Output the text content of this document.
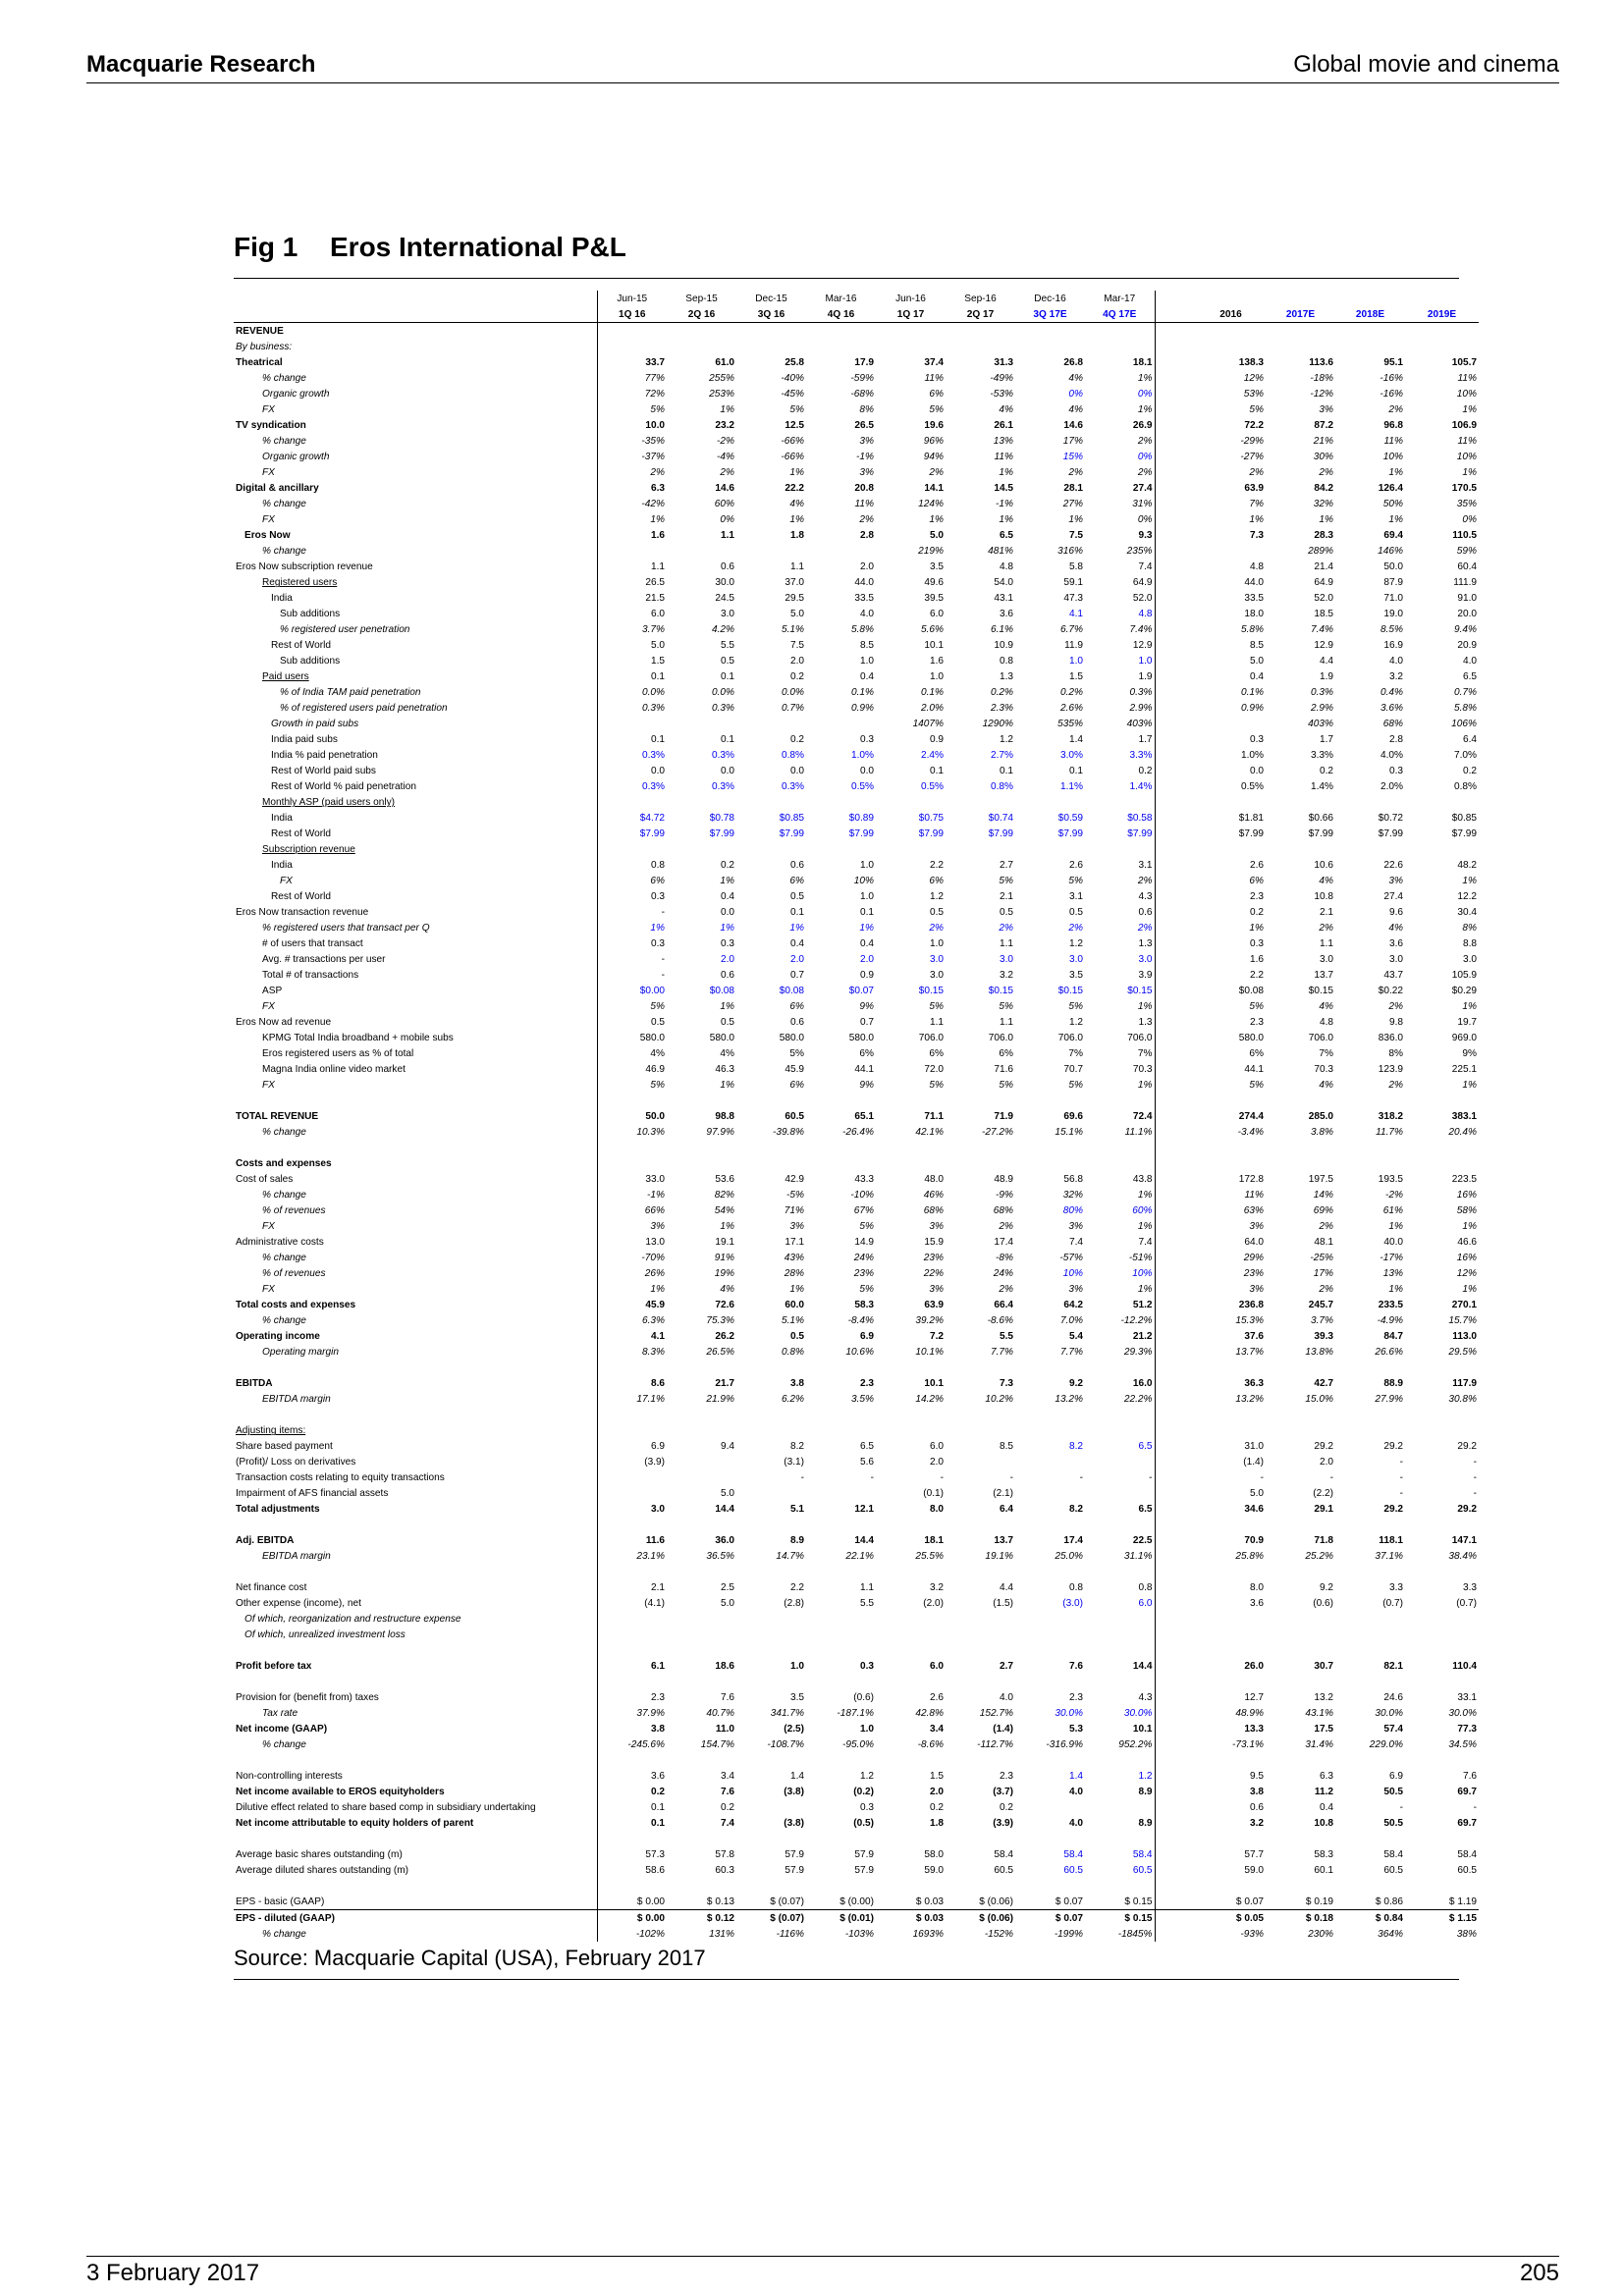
Macquarie Research	Global movie and cinema
Fig 1 Eros International P&L
		Jun-15	Sep-15	Dec-15	Mar-16	Jun-16	Sep-16	Dec-16	Mar-17					
		1Q 16	2Q 16	3Q 16	4Q 16	1Q 17	2Q 17	3Q 17E	4Q 17E		2016	2017E	2018E	2019E
REVENUE														
By business:														
Theatrical		33.7	61.0	25.8	17.9	37.4	31.3	26.8	18.1		138.3	113.6	95.1	105.7
% change		77%	255%	-40%	-59%	11%	-49%	4%	1%		12%	-18%	-16%	11%
Organic growth		72%	253%	-45%	-68%	6%	-53%	0%	0%		53%	-12%	-16%	10%
FX		5%	1%	5%	8%	5%	4%	4%	1%		5%	3%	2%	1%
TV syndication		10.0	23.2	12.5	26.5	19.6	26.1	14.6	26.9		72.2	87.2	96.8	106.9
% change		-35%	-2%	-66%	3%	96%	13%	17%	2%		-29%	21%	11%	11%
Organic growth		-37%	-4%	-66%	-1%	94%	11%	15%	0%		-27%	30%	10%	10%
FX		2%	2%	1%	3%	2%	1%	2%	2%		2%	2%	1%	1%
Digital & ancillary		6.3	14.6	22.2	20.8	14.1	14.5	28.1	27.4		63.9	84.2	126.4	170.5
% change		-42%	60%	4%	11%	124%	-1%	27%	31%		7%	32%	50%	35%
FX		1%	0%	1%	2%	1%	1%	1%	0%		1%	1%	1%	0%
Eros Now		1.6	1.1	1.8	2.8	5.0	6.5	7.5	9.3		7.3	28.3	69.4	110.5
% change						219%	481%	316%	235%			289%	146%	59%
Eros Now subscription revenue		1.1	0.6	1.1	2.0	3.5	4.8	5.8	7.4		4.8	21.4	50.0	60.4
Registered users		26.5	30.0	37.0	44.0	49.6	54.0	59.1	64.9		44.0	64.9	87.9	111.9
India		21.5	24.5	29.5	33.5	39.5	43.1	47.3	52.0		33.5	52.0	71.0	91.0
Sub additions		6.0	3.0	5.0	4.0	6.0	3.6	4.1	4.8		18.0	18.5	19.0	20.0
% registered user penetration		3.7%	4.2%	5.1%	5.8%	5.6%	6.1%	6.7%	7.4%		5.8%	7.4%	8.5%	9.4%
Rest of World		5.0	5.5	7.5	8.5	10.1	10.9	11.9	12.9		8.5	12.9	16.9	20.9
Sub additions		1.5	0.5	2.0	1.0	1.6	0.8	1.0	1.0		5.0	4.4	4.0	4.0
Paid users		0.1	0.1	0.2	0.4	1.0	1.3	1.5	1.9		0.4	1.9	3.2	6.5
% of India TAM paid penetration		0.0%	0.0%	0.0%	0.1%	0.1%	0.2%	0.2%	0.3%		0.1%	0.3%	0.4%	0.7%
% of registered users paid penetration		0.3%	0.3%	0.7%	0.9%	2.0%	2.3%	2.6%	2.9%		0.9%	2.9%	3.6%	5.8%
Growth in paid subs						1407%	1290%	535%	403%			403%	68%	106%
India paid subs		0.1	0.1	0.2	0.3	0.9	1.2	1.4	1.7		0.3	1.7	2.8	6.4
India % paid penetration		0.3%	0.3%	0.8%	1.0%	2.4%	2.7%	3.0%	3.3%		1.0%	3.3%	4.0%	7.0%
Rest of World paid subs		0.0	0.0	0.0	0.0	0.1	0.1	0.1	0.2		0.0	0.2	0.3	0.2
Rest of World % paid penetration		0.3%	0.3%	0.3%	0.5%	0.5%	0.8%	1.1%	1.4%		0.5%	1.4%	2.0%	0.8%
Monthly ASP (paid users only)														
India		$4.72	$0.78	$0.85	$0.89	$0.75	$0.74	$0.59	$0.58		$1.81	$0.66	$0.72	$0.85
Rest of World		$7.99	$7.99	$7.99	$7.99	$7.99	$7.99	$7.99	$7.99		$7.99	$7.99	$7.99	$7.99
Subscription revenue														
India		0.8	0.2	0.6	1.0	2.2	2.7	2.6	3.1		2.6	10.6	22.6	48.2
FX		6%	1%	6%	10%	6%	5%	5%	2%		6%	4%	3%	1%
Rest of World		0.3	0.4	0.5	1.0	1.2	2.1	3.1	4.3		2.3	10.8	27.4	12.2
Eros Now transaction revenue		-	0.0	0.1	0.1	0.5	0.5	0.5	0.6		0.2	2.1	9.6	30.4
% registered users that transact per Q		1%	1%	1%	1%	2%	2%	2%	2%		1%	2%	4%	8%
# of users that transact		0.3	0.3	0.4	0.4	1.0	1.1	1.2	1.3		0.3	1.1	3.6	8.8
Avg. # transactions per user		-	2.0	2.0	2.0	3.0	3.0	3.0	3.0		1.6	3.0	3.0	3.0
Total # of transactions		-	0.6	0.7	0.9	3.0	3.2	3.5	3.9		2.2	13.7	43.7	105.9
ASP		$0.00	$0.08	$0.08	$0.07	$0.15	$0.15	$0.15	$0.15		$0.08	$0.15	$0.22	$0.29
FX		5%	1%	6%	9%	5%	5%	5%	1%		5%	4%	2%	1%
Eros Now ad revenue		0.5	0.5	0.6	0.7	1.1	1.1	1.2	1.3		2.3	4.8	9.8	19.7
KPMG Total India broadband + mobile subs		580.0	580.0	580.0	580.0	706.0	706.0	706.0	706.0		580.0	706.0	836.0	969.0
Eros registered users as % of total		4%	4%	5%	6%	6%	6%	7%	7%		6%	7%	8%	9%
Magna India online video market		46.9	46.3	45.9	44.1	72.0	71.6	70.7	70.3		44.1	70.3	123.9	225.1
FX		5%	1%	6%	9%	5%	5%	5%	1%		5%	4%	2%	1%

TOTAL REVENUE		50.0	98.8	60.5	65.1	71.1	71.9	69.6	72.4		274.4	285.0	318.2	383.1
% change		10.3%	97.9%	-39.8%	-26.4%	42.1%	-27.2%	15.1%	11.1%		-3.4%	3.8%	11.7%	20.4%

Costs and expenses														
Cost of sales		33.0	53.6	42.9	43.3	48.0	48.9	56.8	43.8		172.8	197.5	193.5	223.5
% change		-1%	82%	-5%	-10%	46%	-9%	32%	1%		11%	14%	-2%	16%
% of revenues		66%	54%	71%	67%	68%	68%	80%	60%		63%	69%	61%	58%
FX		3%	1%	3%	5%	3%	2%	3%	1%		3%	2%	1%	1%
Administrative costs		13.0	19.1	17.1	14.9	15.9	17.4	7.4	7.4		64.0	48.1	40.0	46.6
% change		-70%	91%	43%	24%	23%	-8%	-57%	-51%		29%	-25%	-17%	16%
% of revenues		26%	19%	28%	23%	22%	24%	10%	10%		23%	17%	13%	12%
FX		1%	4%	1%	5%	3%	2%	3%	1%		3%	2%	1%	1%
Total costs and expenses		45.9	72.6	60.0	58.3	63.9	66.4	64.2	51.2		236.8	245.7	233.5	270.1
% change		6.3%	75.3%	5.1%	-8.4%	39.2%	-8.6%	7.0%	-12.2%		15.3%	3.7%	-4.9%	15.7%
Operating income		4.1	26.2	0.5	6.9	7.2	5.5	5.4	21.2		37.6	39.3	84.7	113.0
Operating margin		8.3%	26.5%	0.8%	10.6%	10.1%	7.7%	7.7%	29.3%		13.7%	13.8%	26.6%	29.5%

EBITDA		8.6	21.7	3.8	2.3	10.1	7.3	9.2	16.0		36.3	42.7	88.9	117.9
EBITDA margin		17.1%	21.9%	6.2%	3.5%	14.2%	10.2%	13.2%	22.2%		13.2%	15.0%	27.9%	30.8%

Adjusting items:														
Share based payment		6.9	9.4	8.2	6.5	6.0	8.5	8.2	6.5		31.0	29.2	29.2	29.2
(Profit)/ Loss on derivatives		(3.9)		(3.1)	5.6	2.0					(1.4)	2.0	-	-
Transaction costs relating to equity transactions				-	-	-	-	-	-		-	-	-	-
Impairment of AFS financial assets			5.0			(0.1)	(2.1)				5.0	(2.2)	-	-
Total adjustments		3.0	14.4	5.1	12.1	8.0	6.4	8.2	6.5		34.6	29.1	29.2	29.2

Adj. EBITDA		11.6	36.0	8.9	14.4	18.1	13.7	17.4	22.5		70.9	71.8	118.1	147.1
EBITDA margin		23.1%	36.5%	14.7%	22.1%	25.5%	19.1%	25.0%	31.1%		25.8%	25.2%	37.1%	38.4%

Net finance cost		2.1	2.5	2.2	1.1	3.2	4.4	0.8	0.8		8.0	9.2	3.3	3.3
Other expense (income), net		(4.1)	5.0	(2.8)	5.5	(2.0)	(1.5)	(3.0)	6.0		3.6	(0.6)	(0.7)	(0.7)
Of which, reorganization and restructure expense														
Of which, unrealized investment loss														

Profit before tax		6.1	18.6	1.0	0.3	6.0	2.7	7.6	14.4		26.0	30.7	82.1	110.4

Provision for (benefit from) taxes		2.3	7.6	3.5	(0.6)	2.6	4.0	2.3	4.3		12.7	13.2	24.6	33.1
Tax rate		37.9%	40.7%	341.7%	-187.1%	42.8%	152.7%	30.0%	30.0%		48.9%	43.1%	30.0%	30.0%
Net income (GAAP)		3.8	11.0	(2.5)	1.0	3.4	(1.4)	5.3	10.1		13.3	17.5	57.4	77.3
% change		-245.6%	154.7%	-108.7%	-95.0%	-8.6%	-112.7%	-316.9%	952.2%		-73.1%	31.4%	229.0%	34.5%

Non-controlling interests		3.6	3.4	1.4	1.2	1.5	2.3	1.4	1.2		9.5	6.3	6.9	7.6
Net income available to EROS equityholders		0.2	7.6	(3.8)	(0.2)	2.0	(3.7)	4.0	8.9		3.8	11.2	50.5	69.7
Dilutive effect related to share based comp in subsidiary undertaking		0.1	0.2		0.3	0.2	0.2				0.6	0.4	-	-
Net income attributable to equity holders of parent		0.1	7.4	(3.8)	(0.5)	1.8	(3.9)	4.0	8.9		3.2	10.8	50.5	69.7

Average basic shares outstanding (m)		57.3	57.8	57.9	57.9	58.0	58.4	58.4	58.4		57.7	58.3	58.4	58.4
Average diluted shares outstanding (m)		58.6	60.3	57.9	57.9	59.0	60.5	60.5	60.5		59.0	60.1	60.5	60.5

EPS - basic (GAAP)		$ 0.00	$ 0.13	$ (0.07)	$ (0.00)	$ 0.03	$ (0.06)	$ 0.07	$ 0.15		$ 0.07	$ 0.19	$ 0.86	$ 1.19
EPS - diluted (GAAP)		$ 0.00	$ 0.12	$ (0.07)	$ (0.01)	$ 0.03	$ (0.06)	$ 0.07	$ 0.15		$ 0.05	$ 0.18	$ 0.84	$ 1.15
% change		-102%	131%	-116%	-103%	1693%	-152%	-199%	-1845%		-93%	230%	364%	38%
Source: Macquarie Capital (USA), February 2017
3 February 2017	205
